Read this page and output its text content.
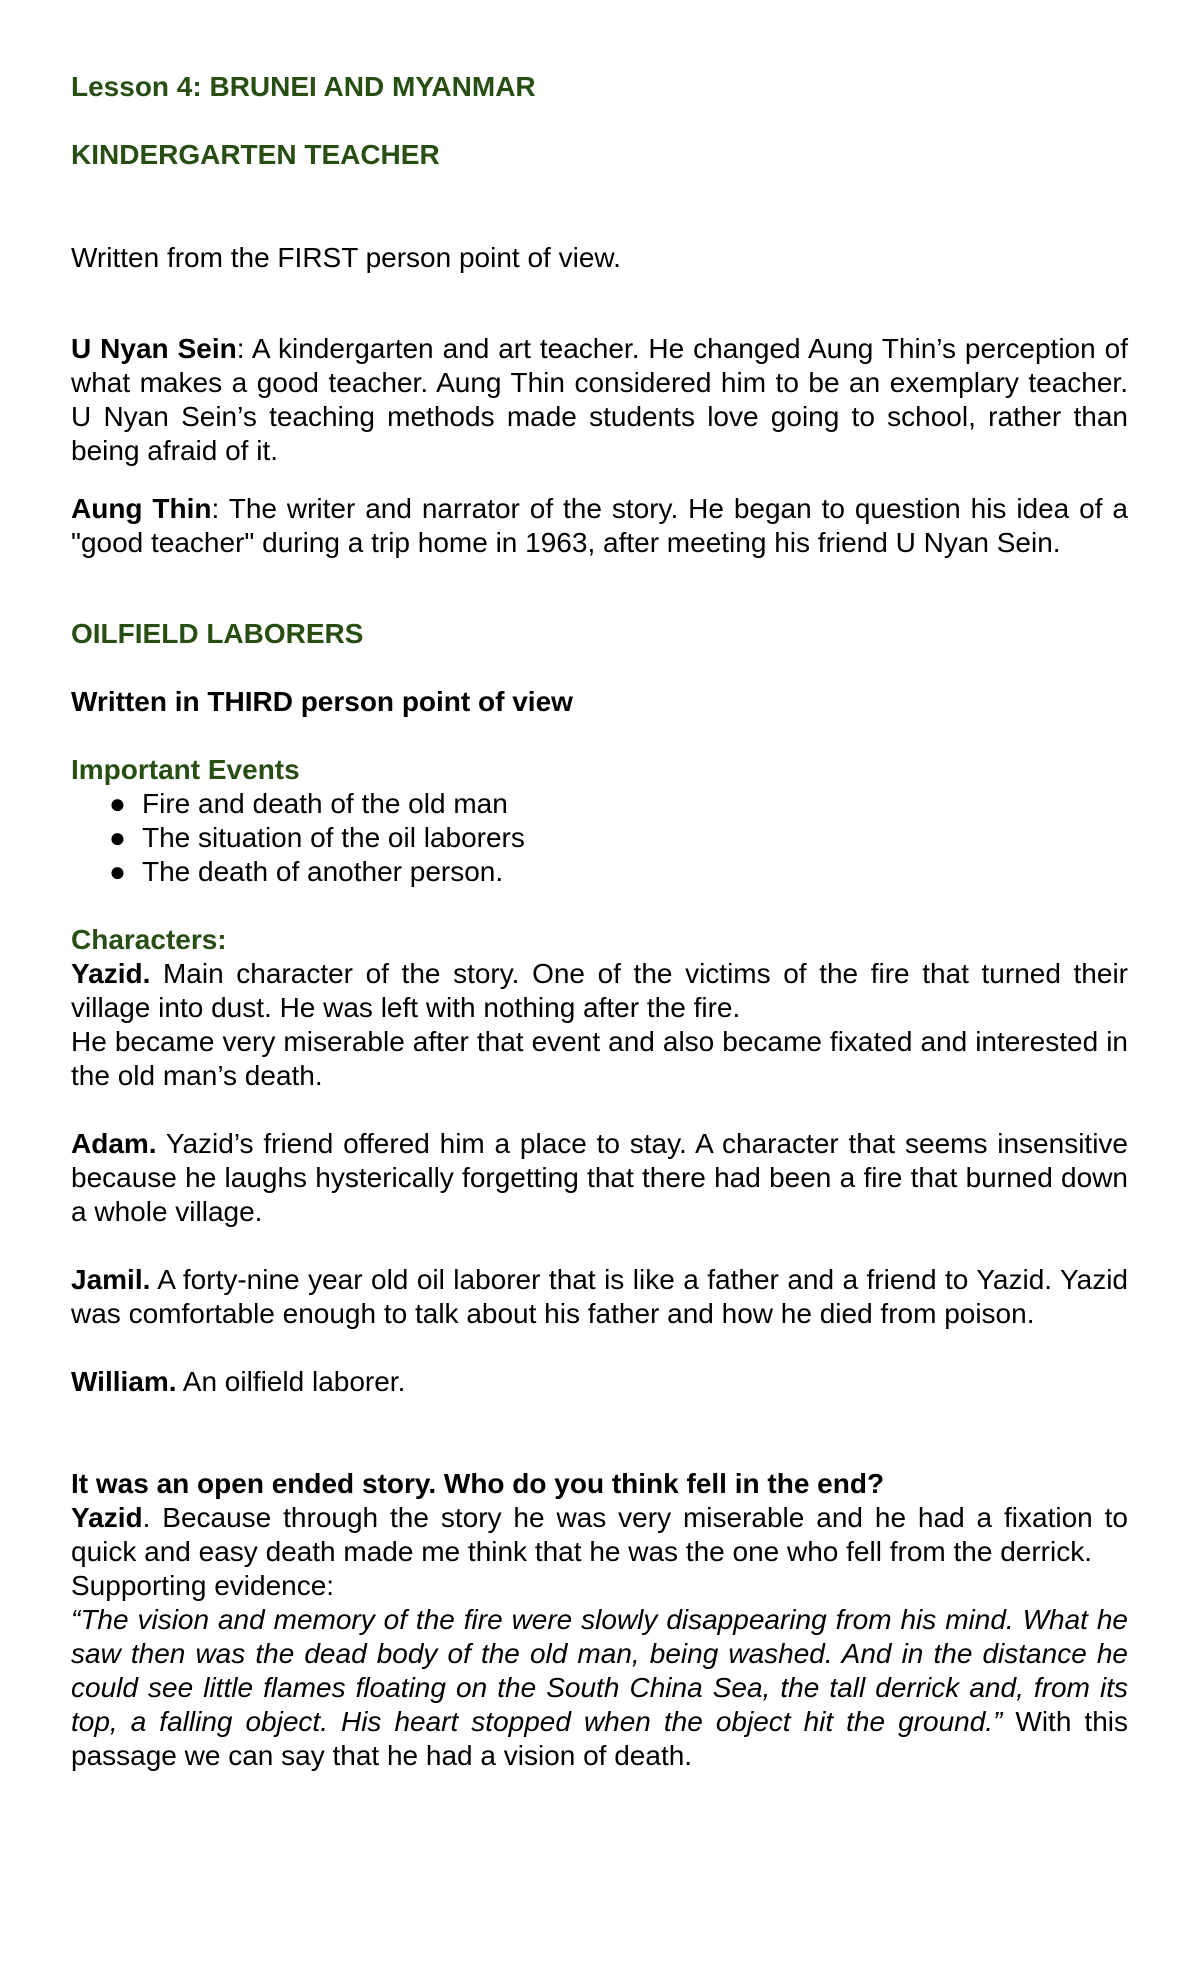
Lesson 4: BRUNEI AND MYANMAR

KINDERGARTEN TEACHER

Written from the FIRST person point of view.

U Nyan Sein: A kindergarten and art teacher. He changed Aung Thin’s perception of what makes a good teacher. Aung Thin considered him to be an exemplary teacher. U Nyan Sein’s teaching methods made students love going to school, rather than being afraid of it.

Aung Thin: The writer and narrator of the story. He began to question his idea of a "good teacher" during a trip home in 1963, after meeting his friend U Nyan Sein.

OILFIELD LABORERS

Written in THIRD person point of view

Important Events

● Fire and death of the old man
● The situation of the oil laborers
● The death of another person.

Characters:

Yazid. Main character of the story. One of the victims of the fire that turned their village into dust. He was left with nothing after the fire.

He became very miserable after that event and also became fixated and interested in the old man’s death.

Adam. Yazid’s friend offered him a place to stay. A character that seems insensitive because he laughs hysterically forgetting that there had been a fire that burned down a whole village.

Jamil. A forty-nine year old oil laborer that is like a father and a friend to Yazid. Yazid was comfortable enough to talk about his father and how he died from poison.

William. An oilfield laborer.

It was an open ended story. Who do you think fell in the end?

Yazid. Because through the story he was very miserable and he had a fixation to quick and easy death made me think that he was the one who fell from the derrick.

Supporting evidence:

“The vision and memory of the fire were slowly disappearing from his mind. What he saw then was the dead body of the old man, being washed. And in the distance he could see little flames floating on the South China Sea, the tall derrick and, from its top, a falling object. His heart stopped when the object hit the ground.” With this passage we can say that he had a vision of death.
